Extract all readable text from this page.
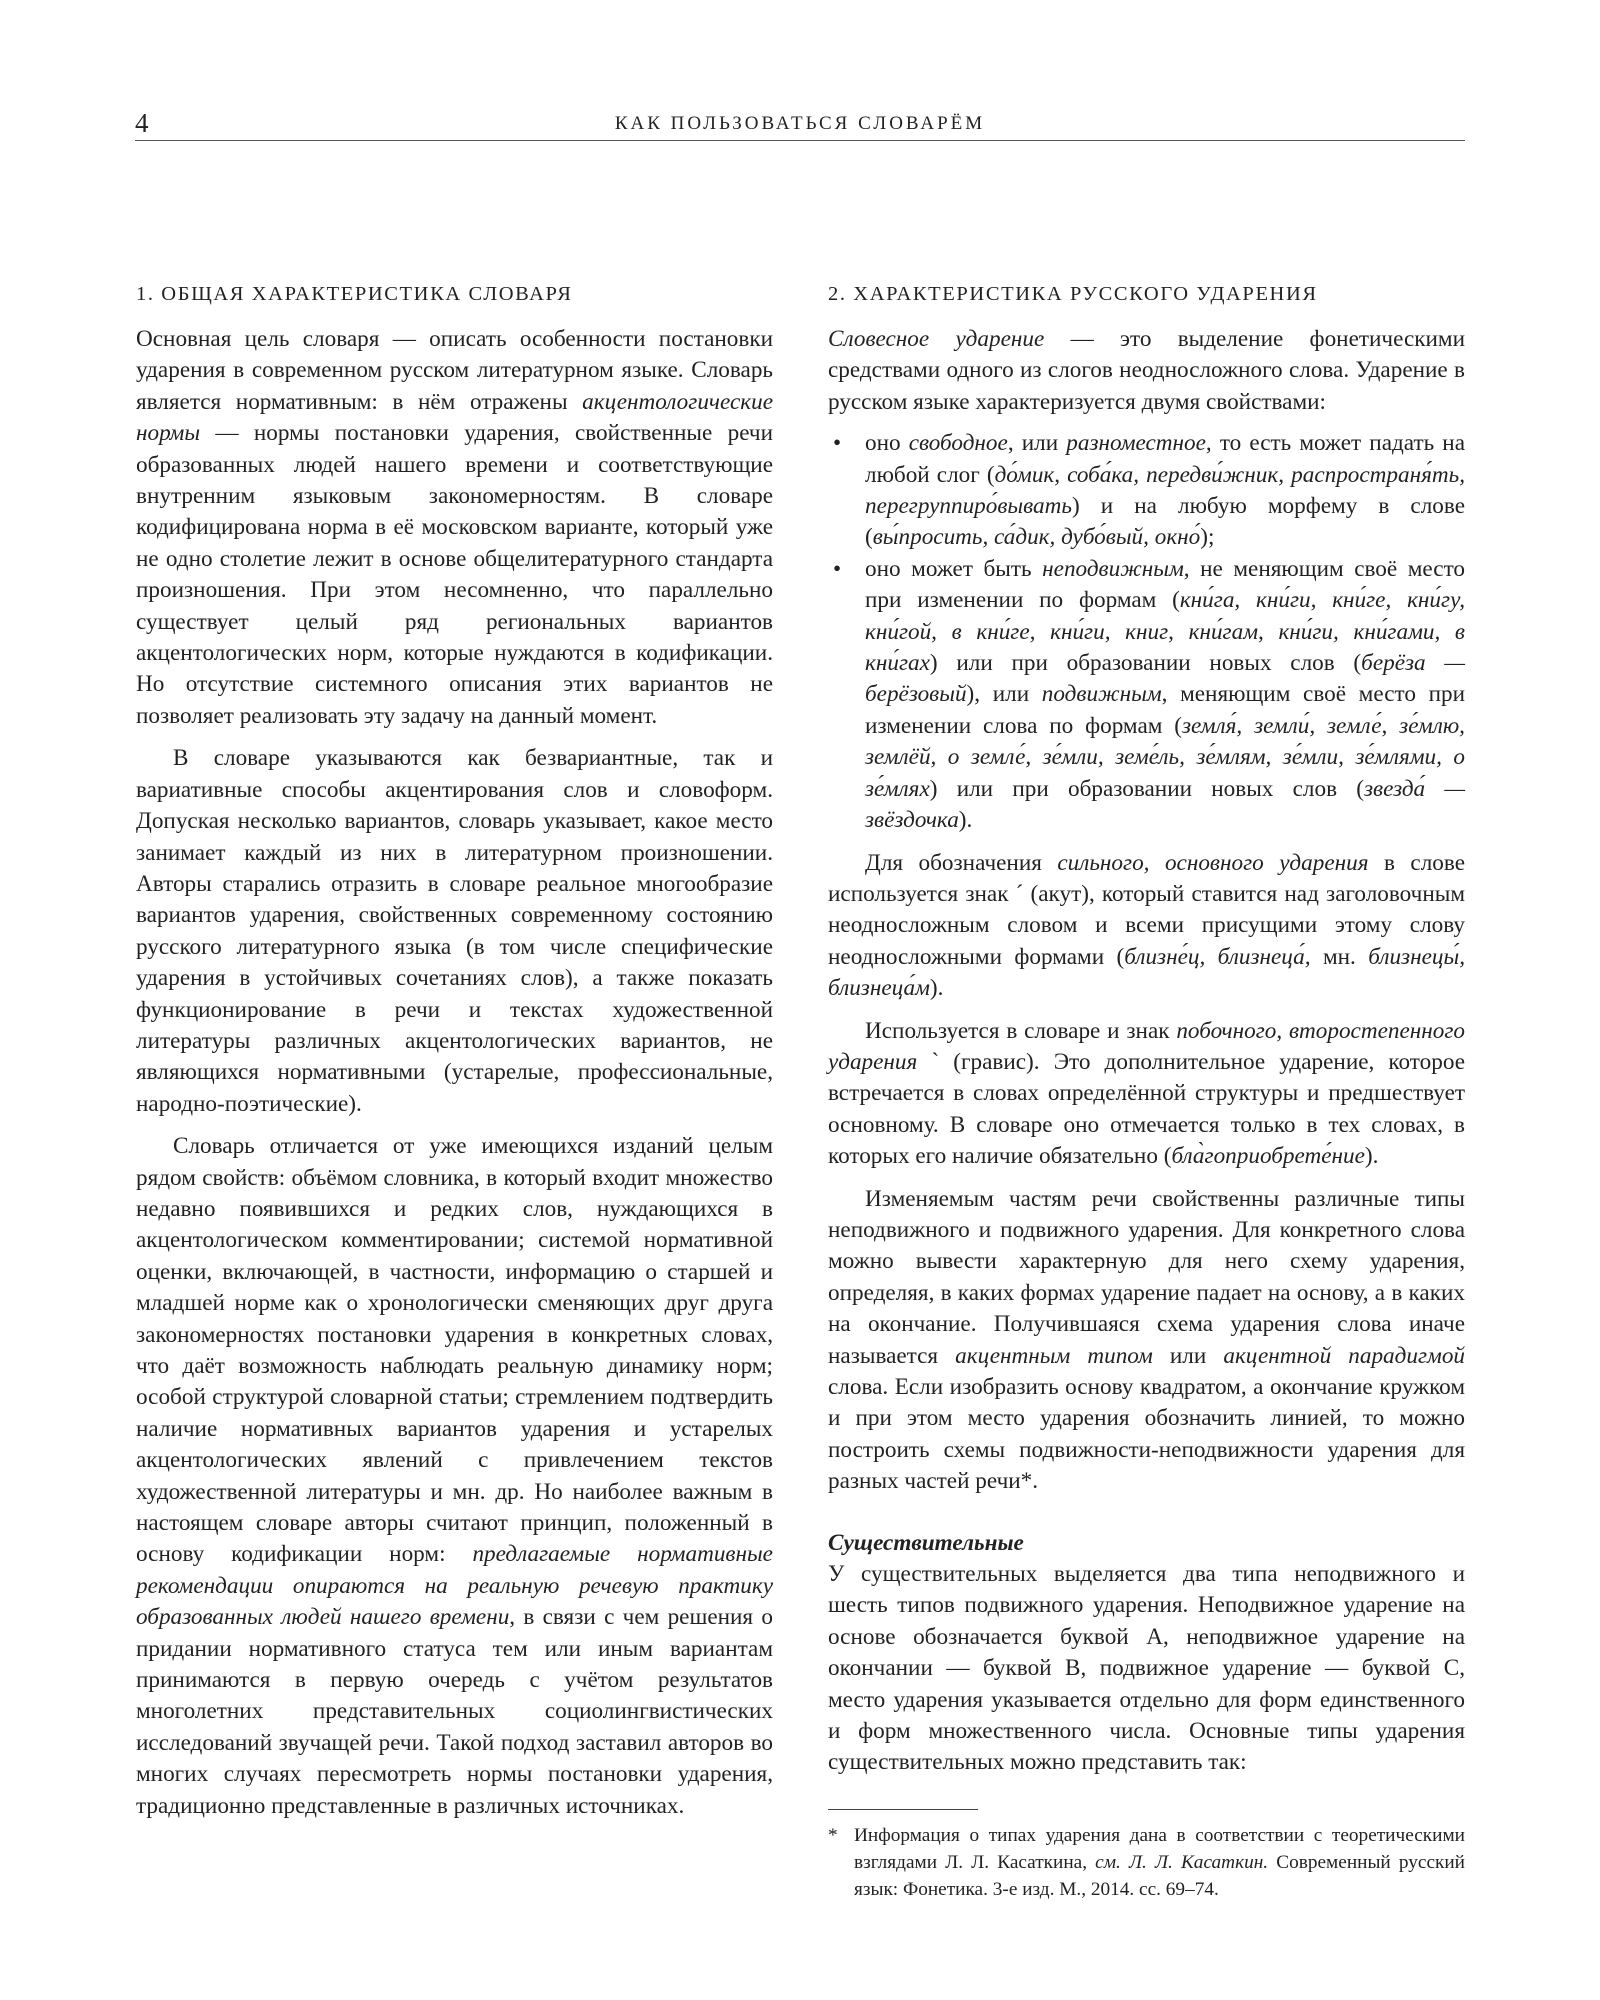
4	КАК ПОЛЬЗОВАТЬСЯ СЛОВАРЁМ
1. ОБЩАЯ ХАРАКТЕРИСТИКА СЛОВАРЯ

Основная цель словаря — описать особенности постановки ударения в современном русском литературном языке. Словарь является нормативным: в нём отражены акцентологические нормы — нормы постановки ударения, свойственные речи образованных людей нашего времени и соответствующие внутренним языковым закономерностям. В словаре кодифицирована норма в её московском варианте, который уже не одно столетие лежит в основе общелитературного стандарта произношения. При этом несомненно, что параллельно существует целый ряд региональных вариантов акцентологических норм, которые нуждаются в кодификации. Но отсутствие системного описания этих вариантов не позволяет реализовать эту задачу на данный момент.

В словаре указываются как безвариантные, так и вариативные способы акцентирования слов и словоформ. Допуская несколько вариантов, словарь указывает, какое место занимает каждый из них в литературном произношении. Авторы старались отразить в словаре реальное многообразие вариантов ударения, свойственных современному состоянию русского литературного языка (в том числе специфические ударения в устойчивых сочетаниях слов), а также показать функционирование в речи и текстах художественной литературы различных акцентологических вариантов, не являющихся нормативными (устарелые, профессиональные, народно-поэтические).

Словарь отличается от уже имеющихся изданий целым рядом свойств: объёмом словника, в который входит множество недавно появившихся и редких слов, нуждающихся в акцентологическом комментировании; системой нормативной оценки, включающей, в частности, информацию о старшей и младшей норме как о хронологически сменяющих друг друга закономерностях постановки ударения в конкретных словах, что даёт возможность наблюдать реальную динамику норм; особой структурой словарной статьи; стремлением подтвердить наличие нормативных вариантов ударения и устарелых акцентологических явлений с привлечением текстов художественной литературы и мн. др. Но наиболее важным в настоящем словаре авторы считают принцип, положенный в основу кодификации норм: предлагаемые нормативные рекомендации опираются на реальную речевую практику образованных людей нашего времени, в связи с чем решения о придании нормативного статуса тем или иным вариантам принимаются в первую очередь с учётом результатов многолетних представительных социолингвистических исследований звучащей речи. Такой подход заставил авторов во многих случаях пересмотреть нормы постановки ударения, традиционно представленные в различных источниках.

2. ХАРАКТЕРИСТИКА РУССКОГО УДАРЕНИЯ

Словесное ударение — это выделение фонетическими средствами одного из слогов неодносложного слова. Ударение в русском языке характеризуется двумя свойствами:

• оно свободное, или разноместное, то есть может падать на любой слог (до́мик, соба́ка, передви́жник, распространя́ть, перегруппиро́вывать) и на любую морфему в слове (вы́просить, са́дик, дубо́вый, окно́);
• оно может быть неподвижным, не меняющим своё место при изменении по формам (кни́га, кни́ги, кни́ге, кни́гу, кни́гой, в кни́ге, кни́ги, книг, кни́гам, кни́ги, кни́гами, в кни́гах) или при образовании новых слов (берёза — берёзовый), или подвижным, меняющим своё место при изменении слова по формам (земля́, земли́, земле́, зе́млю, землёй, о земле́, зе́мли, земе́ль, зе́млям, зе́мли, зе́млями, о зе́млях) или при образовании новых слов (звезда́ — звёздочка).

Для обозначения сильного, основного ударения в слове используется знак ´ (акут), который ставится над заголовочным неодносложным словом и всеми присущими этому слову неодносложными формами (близне́ц, близнеца́, мн. близнецы́, близнеца́м).

Используется в словаре и знак побочного, второстепенного ударения ` (гравис). Это дополнительное ударение, которое встречается в словах определённой структуры и предшествует основному. В словаре оно отмечается только в тех словах, в которых его наличие обязательно (бла̀гоприобрете́ние).

Изменяемым частям речи свойственны различные типы неподвижного и подвижного ударения. Для конкретного слова можно вывести характерную для него схему ударения, определяя, в каких формах ударение падает на основу, а в каких на окончание. Получившаяся схема ударения слова иначе называется акцентным типом или акцентной парадигмой слова. Если изобразить основу квадратом, а окончание кружком и при этом место ударения обозначить линией, то можно построить схемы подвижности-неподвижности ударения для разных частей речи*.

Существительные

У существительных выделяется два типа неподвижного и шесть типов подвижного ударения. Неподвижное ударение на основе обозначается буквой А, неподвижное ударение на окончании — буквой В, подвижное ударение — буквой С, место ударения указывается отдельно для форм единственного и форм множественного числа. Основные типы ударения существительных можно представить так:

* Информация о типах ударения дана в соответствии с теоретическими взглядами Л. Л. Касаткина, см. Л. Л. Касаткин. Современный русский язык: Фонетика. 3-е изд. М., 2014. сс. 69–74.
